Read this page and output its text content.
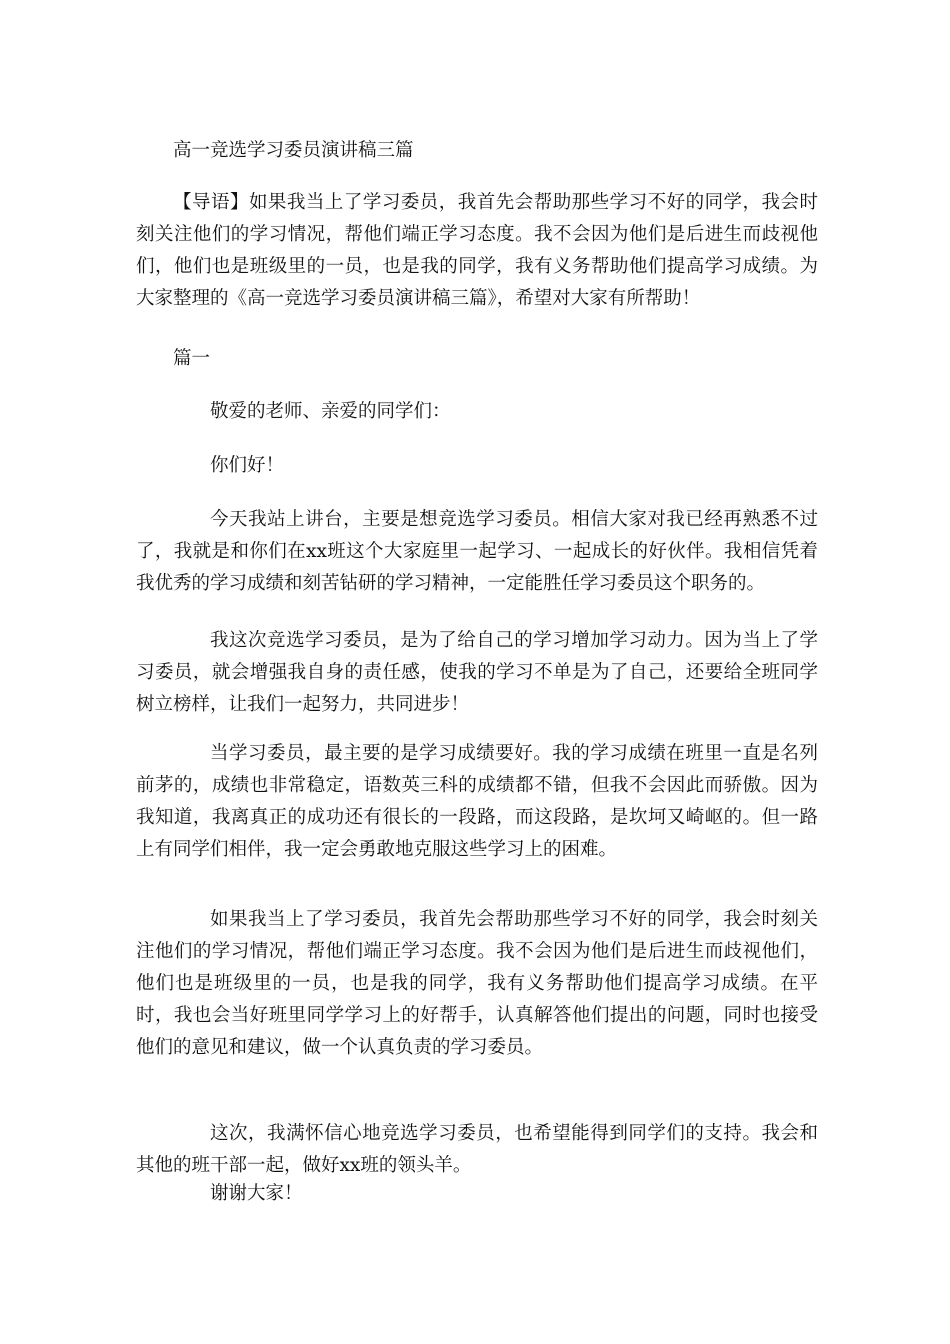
高一竞选学习委员演讲稿三篇

【导语】如果我当上了学习委员，我首先会帮助那些学习不好的同学，我会时刻关注他们的学习情况，帮他们端正学习态度。我不会因为他们是后进生而歧视他们，他们也是班级里的一员，也是我的同学，我有义务帮助他们提高学习成绩。为大家整理的《高一竞选学习委员演讲稿三篇》，希望对大家有所帮助！

篇一

敬爱的老师、亲爱的同学们：

你们好！

今天我站上讲台，主要是想竞选学习委员。相信大家对我已经再熟悉不过了，我就是和你们在xx班这个大家庭里一起学习、一起成长的好伙伴。我相信凭着我优秀的学习成绩和刻苦钻研的学习精神，一定能胜任学习委员这个职务的。

我这次竞选学习委员，是为了给自己的学习增加学习动力。因为当上了学习委员，就会增强我自身的责任感，使我的学习不单是为了自己，还要给全班同学树立榜样，让我们一起努力，共同进步！

当学习委员，最主要的是学习成绩要好。我的学习成绩在班里一直是名列前茅的，成绩也非常稳定，语数英三科的成绩都不错，但我不会因此而骄傲。因为我知道，我离真正的成功还有很长的一段路，而这段路，是坎坷又崎岖的。但一路上有同学们相伴，我一定会勇敢地克服这些学习上的困难。

如果我当上了学习委员，我首先会帮助那些学习不好的同学，我会时刻关注他们的学习情况，帮他们端正学习态度。我不会因为他们是后进生而歧视他们，他们也是班级里的一员，也是我的同学，我有义务帮助他们提高学习成绩。在平时，我也会当好班里同学学习上的好帮手，认真解答他们提出的问题，同时也接受他们的意见和建议，做一个认真负责的学习委员。

这次，我满怀信心地竞选学习委员，也希望能得到同学们的支持。我会和其他的班干部一起，做好xx班的领头羊。

谢谢大家！
